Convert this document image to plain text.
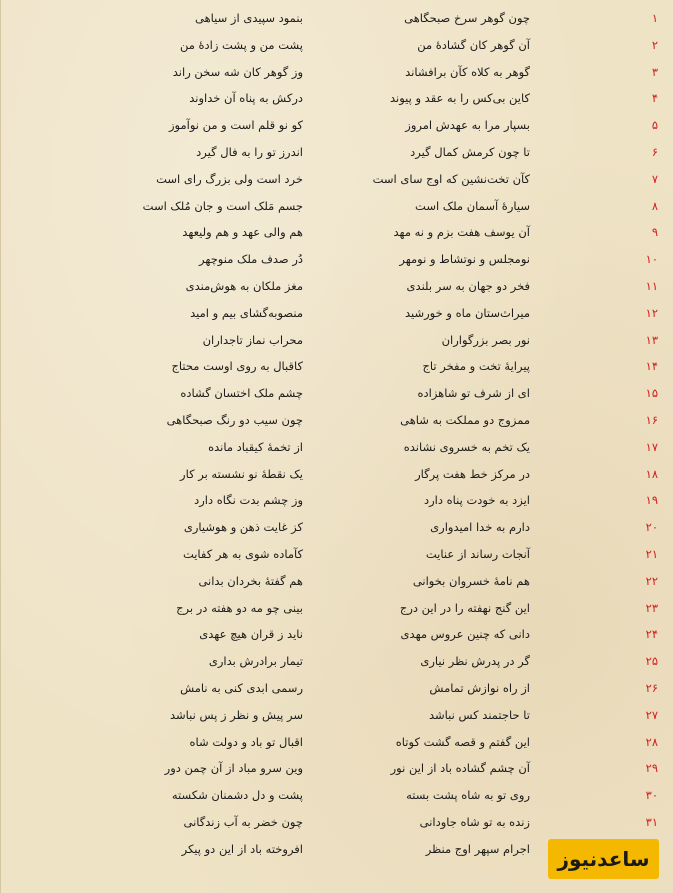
۱
چون گوهر سرخ صبحگاهی
بنمود سپیدی از سیاهی
۲
آن گوهر کان گشادهٔ من
پشت من و پشت زادهٔ من
۳
گوهر به کلاه کآن برافشاند
وز گوهر کان شه سخن راند
۴
کاین بی‌کس را به عقد و پیوند
درکش به پناه آن خداوند
۵
بسپار مرا به عهدش امروز
کو نو قلم است و من نوآموز
۶
تا چون کرمش کمال گیرد
اندرز تو را به فال گیرد
۷
کآن تخت‌نشین که اوج سای است
خرد است ولی بزرگ رای است
۸
سیارهٔ آسمان ملک است
جسم مَلک است و جان مُلک است
۹
آن یوسف هفت بزم و نه مهد
هم والی عهد و هم ولیعهد
۱۰
نومجلس و نوتشاط و نومهر
دُر صدف ملک منوچهر
۱۱
فخر دو جهان به سر بلندی
مغز ملکان به هوش‌مندی
۱۲
میراث‌ستان ماه و خورشید
منصوبه‌گشای بیم و امید
۱۳
نور بصر بزرگواران
محراب نماز تاجداران
۱۴
پیرایهٔ تخت و مفخر تاج
کاقبال به روی اوست محتاج
۱۵
ای از شرف تو شاهزاده
چشم ملک اختسان گشاده
۱۶
ممزوج دو مملکت به شاهی
چون سیب دو رنگ صبحگاهی
۱۷
یک تخم به خسروی نشانده
از تخمهٔ کیقباد مانده
۱۸
در مرکز خط هفت پرگار
یک نقطهٔ نو نشسته بر کار
۱۹
ایزد به خودت پناه دارد
وز چشم بدت نگاه دارد
۲۰
دارم به خدا امیدواری
کز غایت ذهن و هوشیاری
۲۱
آنجات رساند از عنایت
کآماده شوی به هر کفایت
۲۲
هم نامهٔ خسروان بخوانی
هم گفتهٔ بخردان بدانی
۲۳
این گنج نهفته را در این درج
بینی چو مه دو هفته در برج
۲۴
دانی که چنین عروس مهدی
ناید ز قران هیچ عهدی
۲۵
گر در پدرش نظر نیاری
تیمار برادرش بداری
۲۶
از راه نوازش تمامش
رسمی ابدی کنی به نامش
۲۷
تا حاجتمند کس نباشد
سر پیش و نظر ز پس نباشد
۲۸
این گفتم و قصه گشت کوتاه
اقبال تو باد و دولت شاه
۲۹
آن چشم گشاده باد از این نور
وین سرو مباد از آن چمن دور
۳۰
روی تو به شاه پشت بسته
پشت و دل دشمنان شکسته
۳۱
زنده به تو شاه جاودانی
چون خضر به آب زندگانی
اجرام سپهر اوج منظر
افروخته باد از این دو پیکر	ساعدنیوز
